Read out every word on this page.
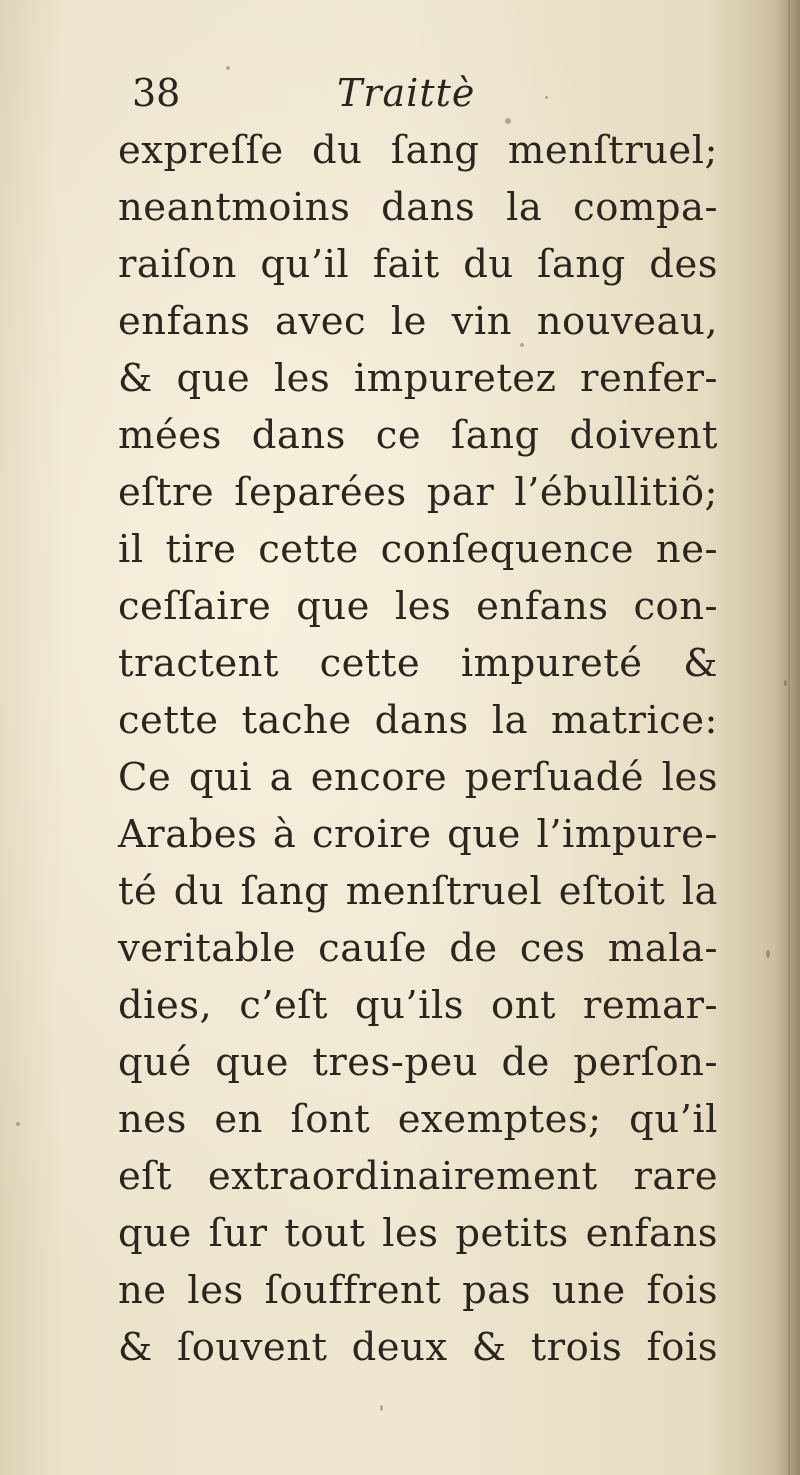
38	Traittè
expreſſe du ſang menſtruel;
neantmoins dans la compa-
raiſon qu’il fait du ſang des
enfans avec le vin nouveau,
& que les impuretez renfer-
mées dans ce ſang doivent
eſtre ſeparées par l’ébullitiõ;
il tire cette conſequence ne-
ceſſaire que les enfans con-
tractent cette impureté &
cette tache dans la matrice:
Ce qui a encore perſuadé les
Arabes à croire que l’impure-
té du ſang menſtruel eſtoit la
veritable cauſe de ces mala-
dies, c’eſt qu’ils ont remar-
qué que tres-peu de perſon-
nes en ſont exemptes; qu’il
eſt extraordinairement rare
que ſur tout les petits enfans
ne les ſouffrent pas une fois
& ſouvent deux & trois fois
